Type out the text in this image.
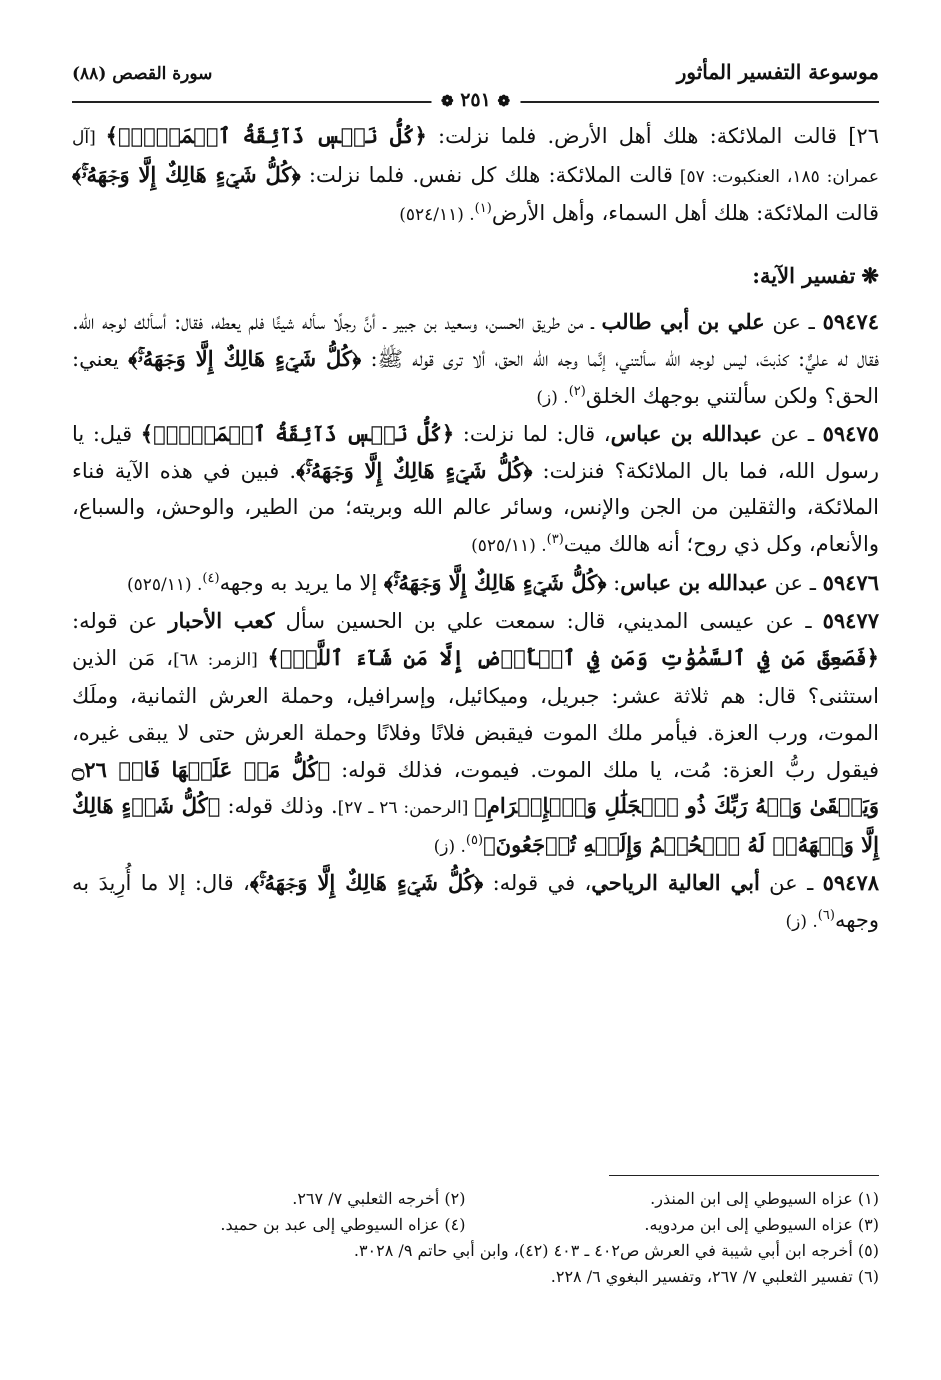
موسوعة التفسير المأثور
❁ ٢٥١ ❁
سورة القصص (٨٨)

٢٦] قالت الملائكة: هلك أهل الأرض. فلما نزلت: ﴿كُلُّ نَفۡسٖ ذَآئِقَةُ ٱلۡمَوۡتِۗ﴾ [آل عمران: ١٨٥، العنكبوت: ٥٧] قالت الملائكة: هلك كل نفس. فلما نزلت: ﴿كُلُّ شَيۡءٍ هَالِكٌ إِلَّا وَجۡهَهُۥۚ﴾ قالت الملائكة: هلك أهل السماء، وأهل الأرض$^{(١)}$. (٥٢٤/١١)

❋تفسير الآية:

٥٩٤٧٤ ـ عن علي بن أبي طالب ـ من طريق الحسن، وسعيد بن جبير ـ أنَّ رجلًا سأله شيئًا فلم يعطه، فقال: أسألك لوجه الله. فقال له عليٌّ: كذبتَ، ليس لوجه الله سألتني، إنَّما وجه الله الحق، ألا ترى قوله ﷺ: ﴿كُلُّ شَيۡءٍ هَالِكٌ إِلَّا وَجۡهَهُۥۚ﴾ يعني: الحق؟ ولكن سألتني بوجهك الخلق$^{(٢)}$. (ز)

٥٩٤٧٥ ـ عن عبدالله بن عباس، قال: لما نزلت: ﴿كُلُّ نَفۡسٖ ذَآئِقَةُ ٱلۡمَوۡتِۗ﴾ قيل: يا رسول الله، فما بال الملائكة؟ فنزلت: ﴿كُلُّ شَيۡءٍ هَالِكٌ إِلَّا وَجۡهَهُۥۚ﴾. فبين في هذه الآية فناء الملائكة، والثقلين من الجن والإنس، وسائر عالم الله وبريته؛ من الطير، والوحش، والسباع، والأنعام، وكل ذي روح؛ أنه هالك ميت$^{(٣)}$. (٥٢٥/١١)

٥٩٤٧٦ ـ عن عبدالله بن عباس: ﴿كُلُّ شَيۡءٍ هَالِكٌ إِلَّا وَجۡهَهُۥۚ﴾ إلا ما يريد به وجهه$^{(٤)}$. (٥٢٥/١١)

٥٩٤٧٧ ـ عن عيسى المديني، قال: سمعت علي بن الحسين سأل كعب الأحبار عن قوله: ﴿فَصَعِقَ مَن فِي ٱلسَّمَٰوَٰتِ وَمَن فِي ٱلۡأَرۡضِ إِلَّا مَن شَآءَ ٱللَّهُۖ﴾ [الزمر: ٦٨]، مَن الذين استثنى؟ قال: هم ثلاثة عشر: جبريل، وميكائيل، وإسرافيل، وحملة العرش الثمانية، وملَك الموت، ورب العزة. فيأمر ملك الموت فيقبض فلانًا وفلانًا وحملة العرش حتى لا يبقى غيره، فيقول ربُّ العزة: مُت، يا ملك الموت. فيموت، فذلك قوله: ﴿كُلُّ مَنۡ عَلَيۡهَا فَانٖ ۝٢٦ وَيَبۡقَىٰ وَجۡهُ رَبِّكَ ذُو ٱلۡجَلَٰلِ وَٱلۡإِكۡرَامِ﴾ [الرحمن: ٢٦ ـ ٢٧]. وذلك قوله: ﴿كُلُّ شَيۡءٍ هَالِكٌ إِلَّا وَجۡهَهُۥۚ لَهُ ٱلۡحُكۡمُ وَإِلَيۡهِ تُرۡجَعُونَ﴾$^{(٥)}$. (ز)

٥٩٤٧٨ ـ عن أبي العالية الرياحي، في قوله: ﴿كُلُّ شَيۡءٍ هَالِكٌ إِلَّا وَجۡهَهُۥۚ﴾، قال: إلا ما أُرِيدَ به وجهه$^{(٦)}$. (ز)

(١) عزاه السيوطي إلى ابن المنذر.
(٢) أخرجه الثعلبي ٧/ ٢٦٧.
(٣) عزاه السيوطي إلى ابن مردويه.
(٤) عزاه السيوطي إلى عبد بن حميد.
(٥) أخرجه ابن أبي شيبة في العرش ص٤٠٢ ـ ٤٠٣ (٤٢)، وابن أبي حاتم ٩/ ٣٠٢٨.
(٦) تفسير الثعلبي ٧/ ٢٦٧، وتفسير البغوي ٦/ ٢٢٨.
